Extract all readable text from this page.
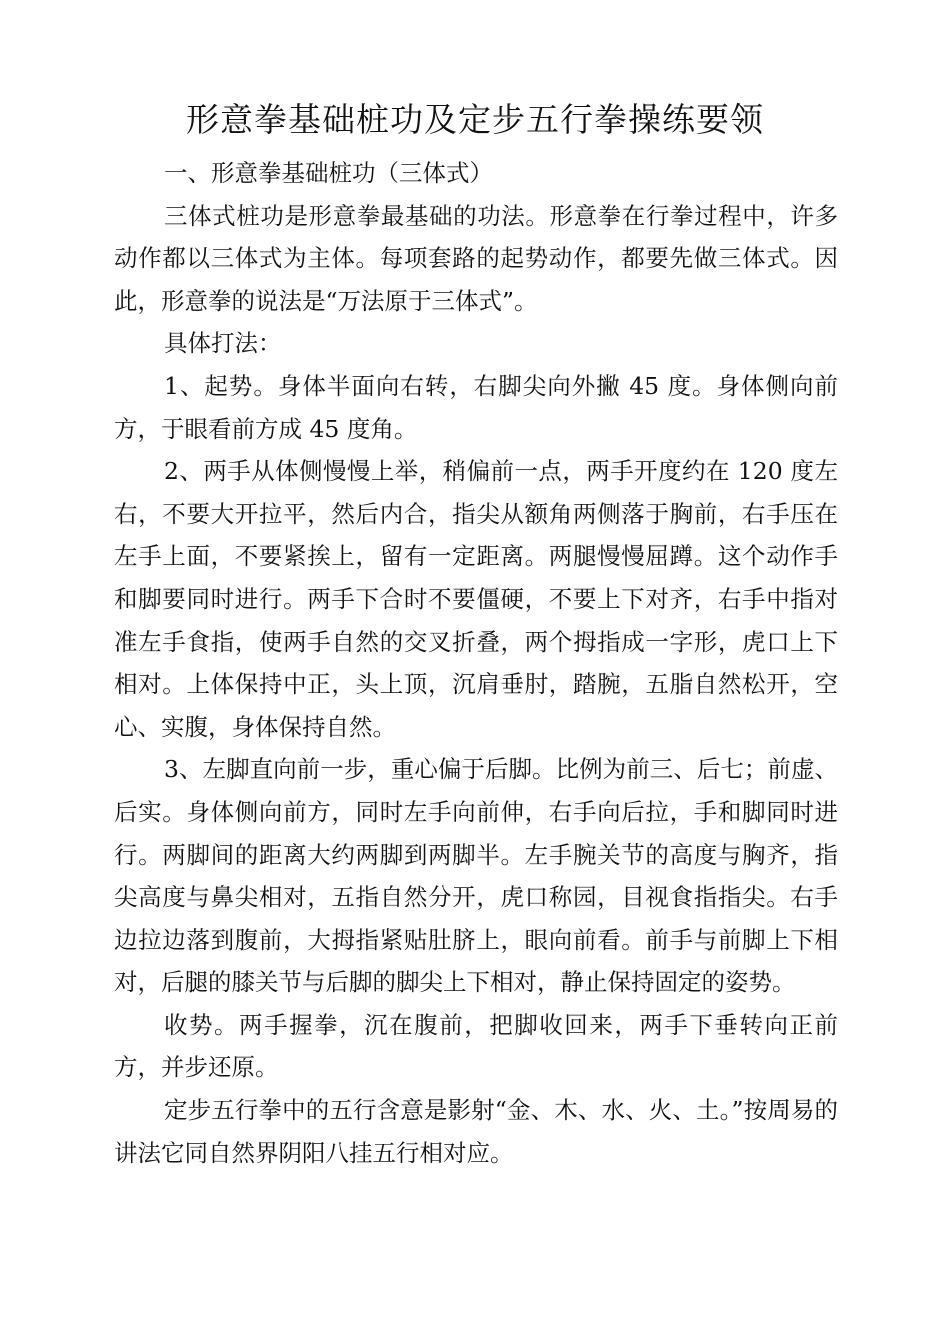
形意拳基础桩功及定步五行拳操练要领

一、形意拳基础桩功（三体式）

三体式桩功是形意拳最基础的功法。形意拳在行拳过程中，许多动作都以三体式为主体。每项套路的起势动作，都要先做三体式。因此，形意拳的说法是“万法原于三体式”。

具体打法：

1、起势。身体半面向右转，右脚尖向外撇 45 度。身体侧向前方，于眼看前方成 45 度角。

2、两手从体侧慢慢上举，稍偏前一点，两手开度约在 120 度左右，不要大开拉平，然后内合，指尖从额角两侧落于胸前，右手压在左手上面，不要紧挨上，留有一定距离。两腿慢慢屈蹲。这个动作手和脚要同时进行。两手下合时不要僵硬，不要上下对齐，右手中指对准左手食指，使两手自然的交叉折叠，两个拇指成一字形，虎口上下相对。上体保持中正，头上顶，沉肩垂肘，踏腕，五脂自然松开，空心、实腹，身体保持自然。

3、左脚直向前一步，重心偏于后脚。比例为前三、后七；前虚、后实。身体侧向前方，同时左手向前伸，右手向后拉，手和脚同时进行。两脚间的距离大约两脚到两脚半。左手腕关节的高度与胸齐，指尖高度与鼻尖相对，五指自然分开，虎口称园，目视食指指尖。右手边拉边落到腹前，大拇指紧贴肚脐上，眼向前看。前手与前脚上下相对，后腿的膝关节与后脚的脚尖上下相对，静止保持固定的姿势。

收势。两手握拳，沉在腹前，把脚收回来，两手下垂转向正前方，并步还原。

定步五行拳中的五行含意是影射“金、木、水、火、土。”按周易的讲法它同自然界阴阳八挂五行相对应。
